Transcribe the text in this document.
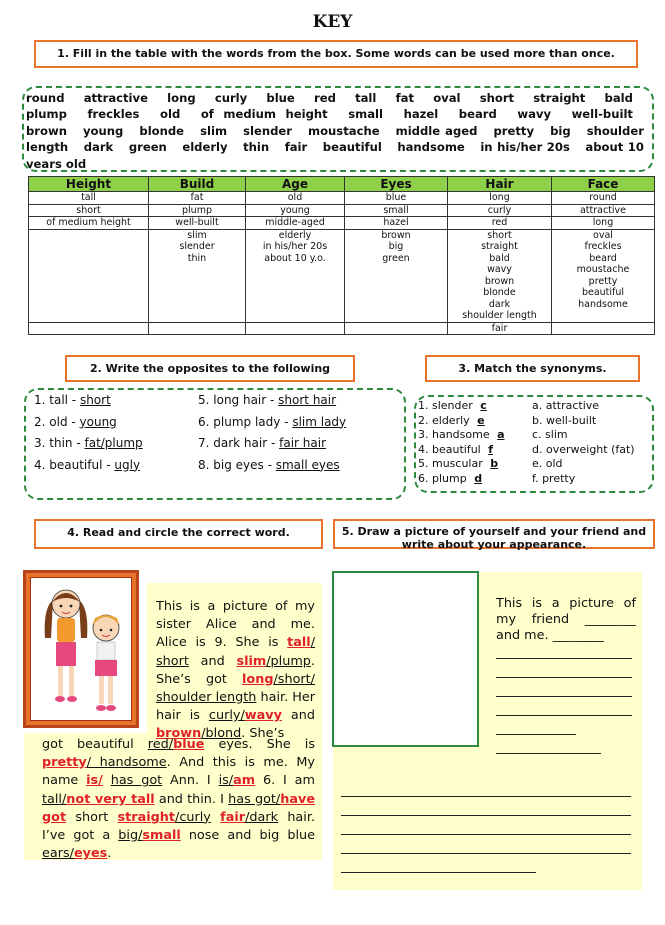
KEY
1. Fill in the table with the words from the box. Some words can be used more than once.
round attractive long curly blue red tall fat oval short straight bald plump freckles old of medium height small hazel beard wavy well-built brown young blonde slim slender moustache middle aged pretty big shoulder length dark green elderly thin fair beautiful handsome in his/her 20s about 10 years old
Height	Build	Age	Eyes	Hair	Face
tall	fat	old	blue	long	round
short	plump	young	small	curly	attractive
of medium height	well-built	middle-aged	hazel	red	long
	slim	elderly	brown	short	oval
	slender	in his/her 20s	big	straight	freckles
	thin	about 10 y.o.	green	bald	beard
				wavy	moustache
				brown	pretty
				blonde	beautiful
				dark	handsome
				shoulder length	
				fair	
2. Write the opposites to the following	3. Match the synonyms.
1. tall - short
2. old - young
3. thin - fat/plump
4. beautiful - ugly
5. long hair - short hair
6. plump lady - slim lady
7. dark hair - fair hair
8. big eyes - small eyes
1. slender c
2. elderly e
3. handsome a
4. beautiful f
5. muscular b
6. plump d
a. attractive
b. well-built
c. slim
d. overweight (fat)
e. old
f. pretty
4. Read and circle the correct word.	5. Draw a picture of yourself and your friend and write about your appearance.
This is a picture of my sister Alice and me. Alice is 9. She is tall/ short and slim/plump. She’s got long/short/ shoulder length hair. Her hair is curly/wavy and brown/blond. She’s
got beautiful red/blue eyes. She is pretty/ handsome. And this is me. My name is/ has got Ann. I is/am 6. I am tall/not very tall and thin. I has got/have got short straight/curly fair/dark hair. I’ve got a big/small nose and big blue ears/eyes.
This is a picture of my friend ________ and me. ________
